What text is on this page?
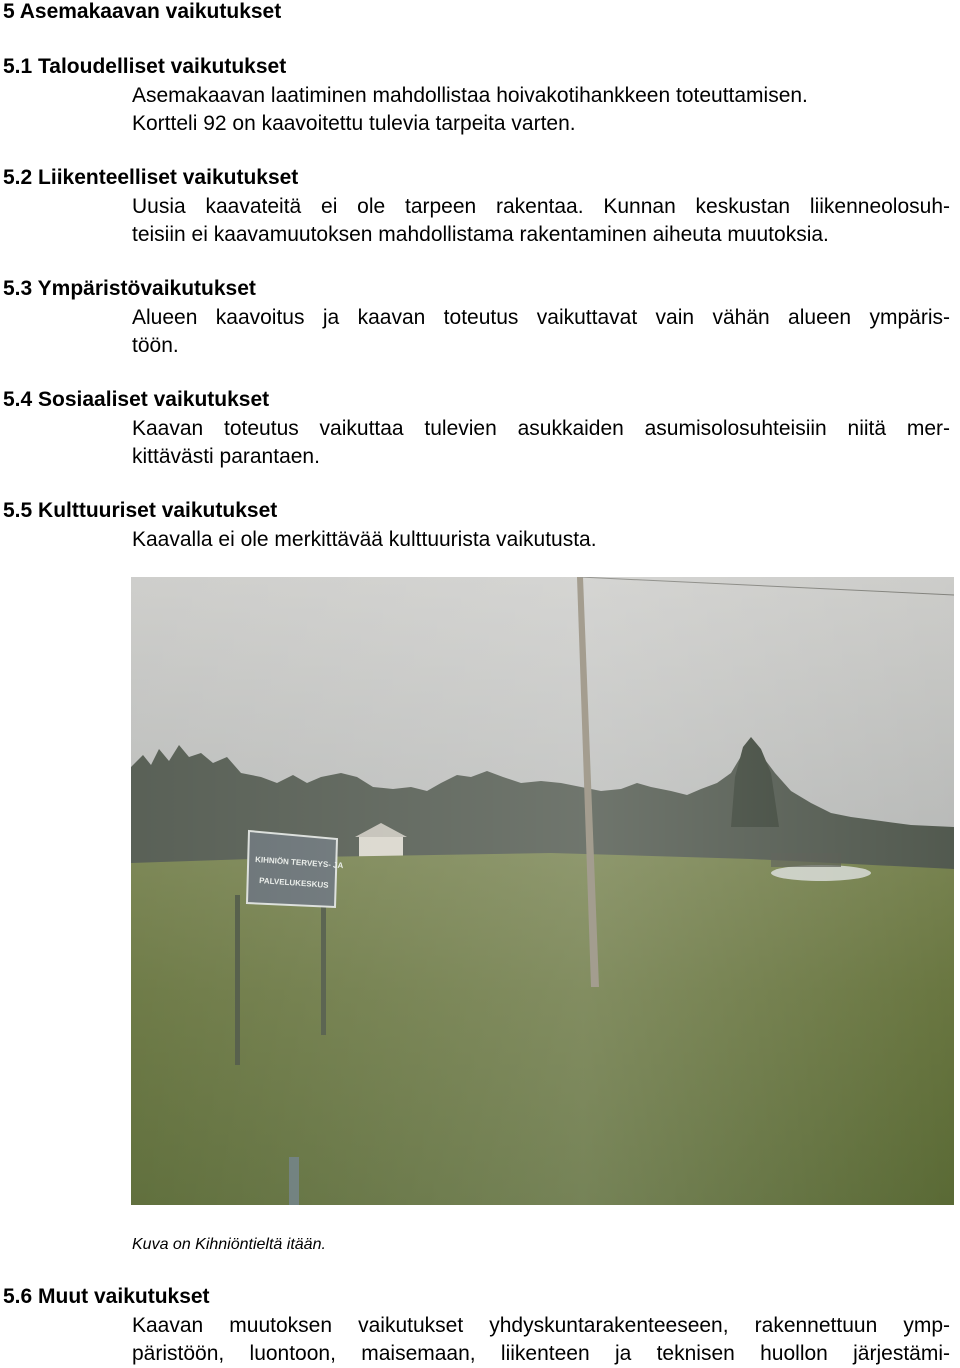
5 Asemakaavan vaikutukset
5.1 Taloudelliset vaikutukset
Asemakaavan laatiminen mahdollistaa hoivakotihankkeen toteuttamisen.
Kortteli 92 on kaavoitettu tulevia tarpeita varten.
5.2 Liikenteelliset vaikutukset
Uusia kaavateitä ei ole tarpeen rakentaa. Kunnan keskustan liikenneolosuh-
teisiin ei kaavamuutoksen mahdollistama rakentaminen aiheuta muutoksia.
5.3 Ympäristövaikutukset
Alueen kaavoitus ja kaavan toteutus vaikuttavat vain vähän alueen ympäris-
töön.
5.4 Sosiaaliset vaikutukset
Kaavan toteutus vaikuttaa tulevien asukkaiden asumisolosuhteisiin niitä mer-
kittävästi parantaen.
5.5 Kulttuuriset vaikutukset
Kaavalla ei ole merkittävää kulttuurista vaikutusta.
Kuva on Kihniöntieltä itään.
5.6 Muut vaikutukset
Kaavan muutoksen vaikutukset yhdyskuntarakenteeseen, rakennettuun ymp-
päristöön, luontoon, maisemaan, liikenteen ja teknisen huollon järjestämi-
